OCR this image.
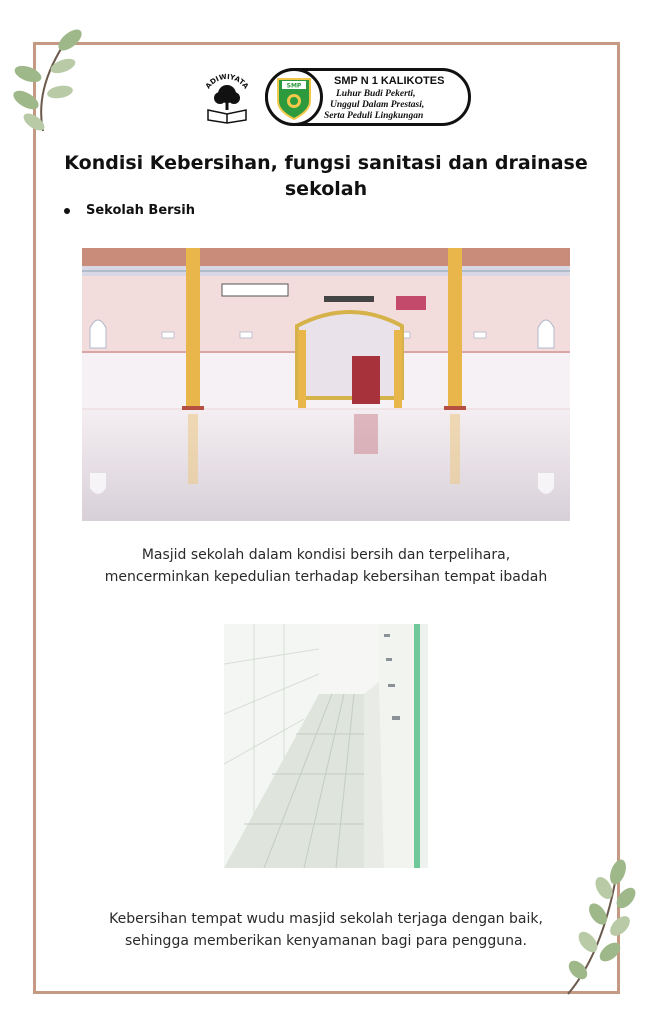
ADIWIYATA	SMP	SMP N 1 KALIKOTES
Luhur Budi Pekerti,
Unggul Dalam Prestasi,
Serta Peduli Lingkungan
Kondisi Kebersihan, fungsi sanitasi dan drainase
sekolah
Sekolah Bersih
Masjid sekolah dalam kondisi bersih dan terpelihara,
mencerminkan kepedulian terhadap kebersihan tempat ibadah
Kebersihan tempat wudu masjid sekolah terjaga dengan baik,
sehingga memberikan kenyamanan bagi para pengguna.
